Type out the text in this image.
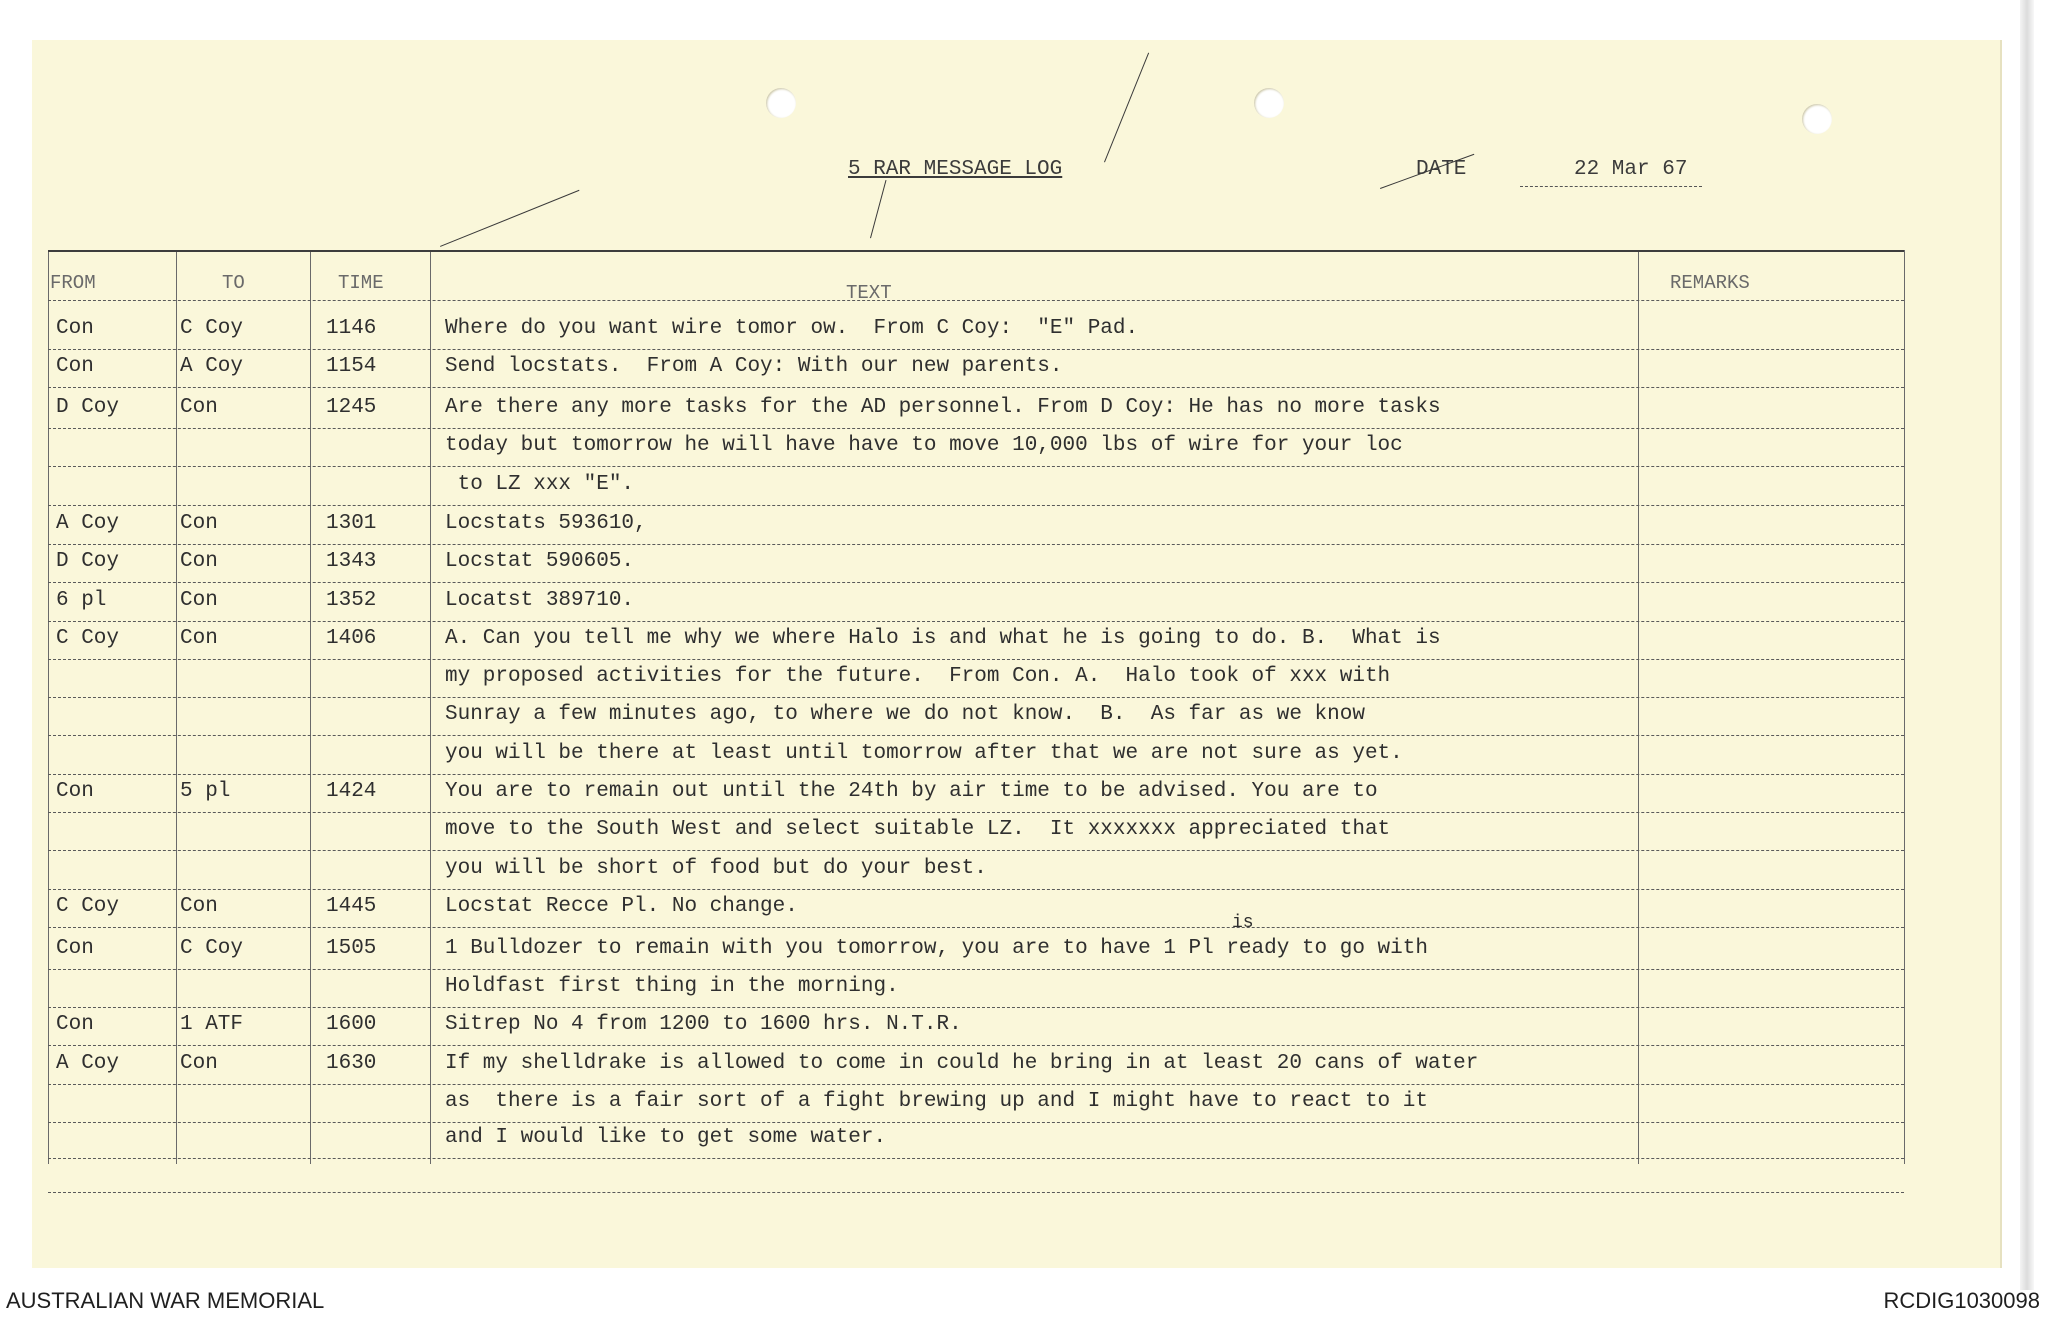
5 RAR MESSAGE LOG	DATE	22 Mar 67
FROM	TO	TIME	TEXT	REMARKS
Con	C Coy	1146	Where do you want wire tomor ow.  From C Coy:  "E" Pad.
Con	A Coy	1154	Send locstats.  From A Coy: With our new parents.
D Coy	Con	1245	Are there any more tasks for the AD personnel. From D Coy: He has no more tasks
today but tomorrow he will have have to move 10,000 lbs of wire for your loc
to LZ xxx "E".
A Coy	Con	1301	Locstats 593610,
D Coy	Con	1343	Locstat 590605.
6 pl	Con	1352	Locatst 389710.
C Coy	Con	1406	A. Can you tell me why we where Halo is and what he is going to do. B.  What is
my proposed activities for the future.  From Con. A.  Halo took of xxx with
Sunray a few minutes ago, to where we do not know.  B.  As far as we know
you will be there at least until tomorrow after that we are not sure as yet.
Con	5 pl	1424	You are to remain out until the 24th by air time to be advised. You are to
move to the South West and select suitable LZ.  It xxxxxxx appreciated that
you will be short of food but do your best.
C Coy	Con	1445	Locstat Recce Pl. No change.
Con	C Coy	1505	1 Bulldozer to remain with you tomorrow, you are to have 1 Pl ready to go with
Holdfast first thing in the morning.
Con	1 ATF	1600	Sitrep No 4 from 1200 to 1600 hrs. N.T.R.
A Coy	Con	1630	If my shelldrake is allowed to come in could he bring in at least 20 cans of water
as  there is a fair sort of a fight brewing up and I might have to react to it
and I would like to get some water.
is
AUSTRALIAN WAR MEMORIAL	RCDIG1030098
